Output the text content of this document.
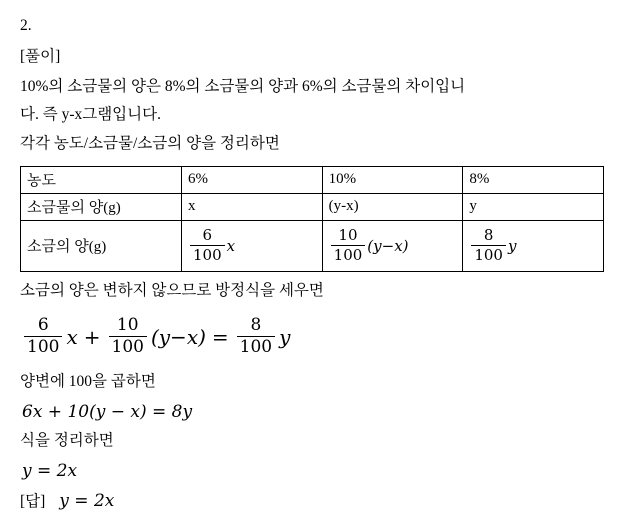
2.
[풀이]
10%의 소금물의 양은 8%의 소금물의 양과 6%의 소금물의 차이입니
다. 즉 y-x그램입니다.
각각 농도/소금물/소금의 양을 정리하면
농도	6%	10%	8%
소금물의 양(g)	x	(y-x)	y
소금의 양(g)	$\frac{6}{100}$ x	$\frac{10}{100} (y-x)$	$\frac{8}{100}$ y
소금의 양은 변하지 않으므로 방정식을 세우면
$\frac{6}{100}$ $x + \frac{10}{100} (y-x) = \frac{8}{100}$ y
양변에 100을 곱하면
6x + 10(y − x) = 8y
식을 정리하면
y = 2x
[답] y = 2x
